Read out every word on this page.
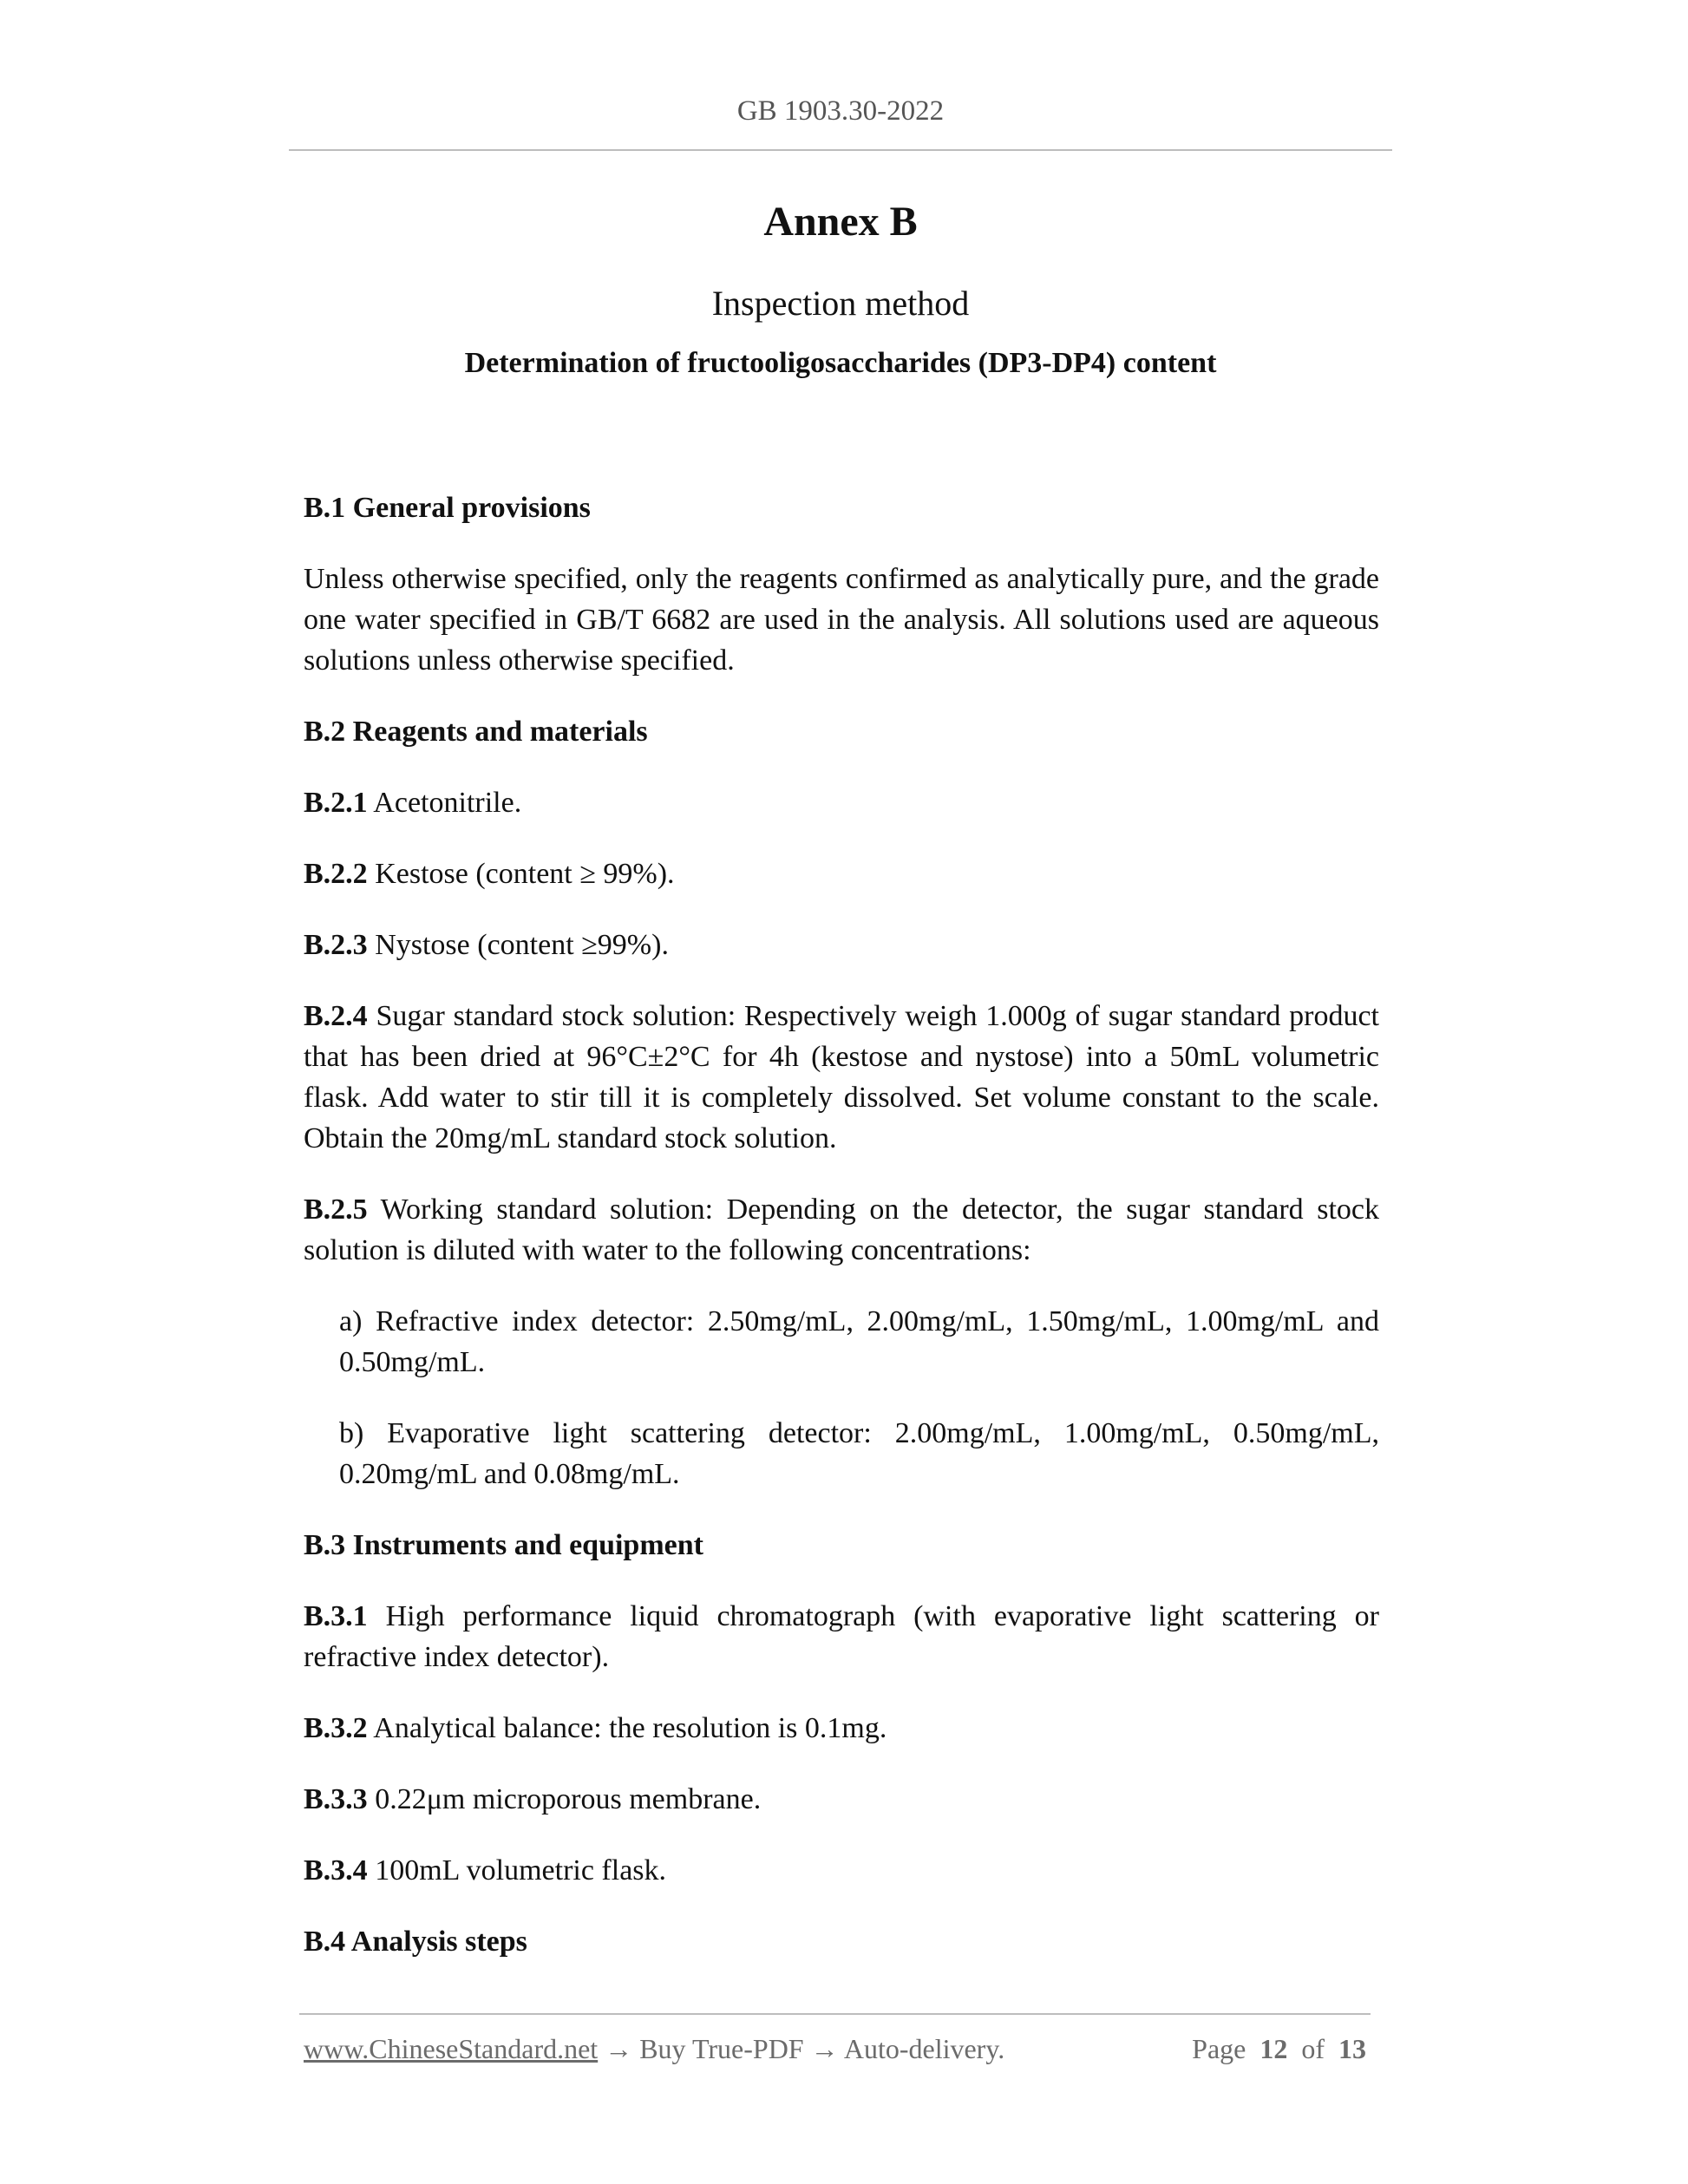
GB 1903.30-2022
Annex B
Inspection method
Determination of fructooligosaccharides (DP3-DP4) content

B.1 General provisions

Unless otherwise specified, only the reagents confirmed as analytically pure, and the grade one water specified in GB/T 6682 are used in the analysis. All solutions used are aqueous solutions unless otherwise specified.

B.2 Reagents and materials

B.2.1 Acetonitrile.

B.2.2 Kestose (content ≥ 99%).

B.2.3 Nystose (content ≥99%).

B.2.4 Sugar standard stock solution: Respectively weigh 1.000g of sugar standard product that has been dried at 96°C±2°C for 4h (kestose and nystose) into a 50mL volumetric flask. Add water to stir till it is completely dissolved. Set volume constant to the scale. Obtain the 20mg/mL standard stock solution.

B.2.5 Working standard solution: Depending on the detector, the sugar standard stock solution is diluted with water to the following concentrations:

a) Refractive index detector: 2.50mg/mL, 2.00mg/mL, 1.50mg/mL, 1.00mg/mL and 0.50mg/mL.

b) Evaporative light scattering detector: 2.00mg/mL, 1.00mg/mL, 0.50mg/mL, 0.20mg/mL and 0.08mg/mL.

B.3 Instruments and equipment

B.3.1 High performance liquid chromatograph (with evaporative light scattering or refractive index detector).

B.3.2 Analytical balance: the resolution is 0.1mg.

B.3.3 0.22μm microporous membrane.

B.3.4 100mL volumetric flask.

B.4 Analysis steps

www.ChineseStandard.net → Buy True-PDF → Auto-delivery.	Page 12 of 13
